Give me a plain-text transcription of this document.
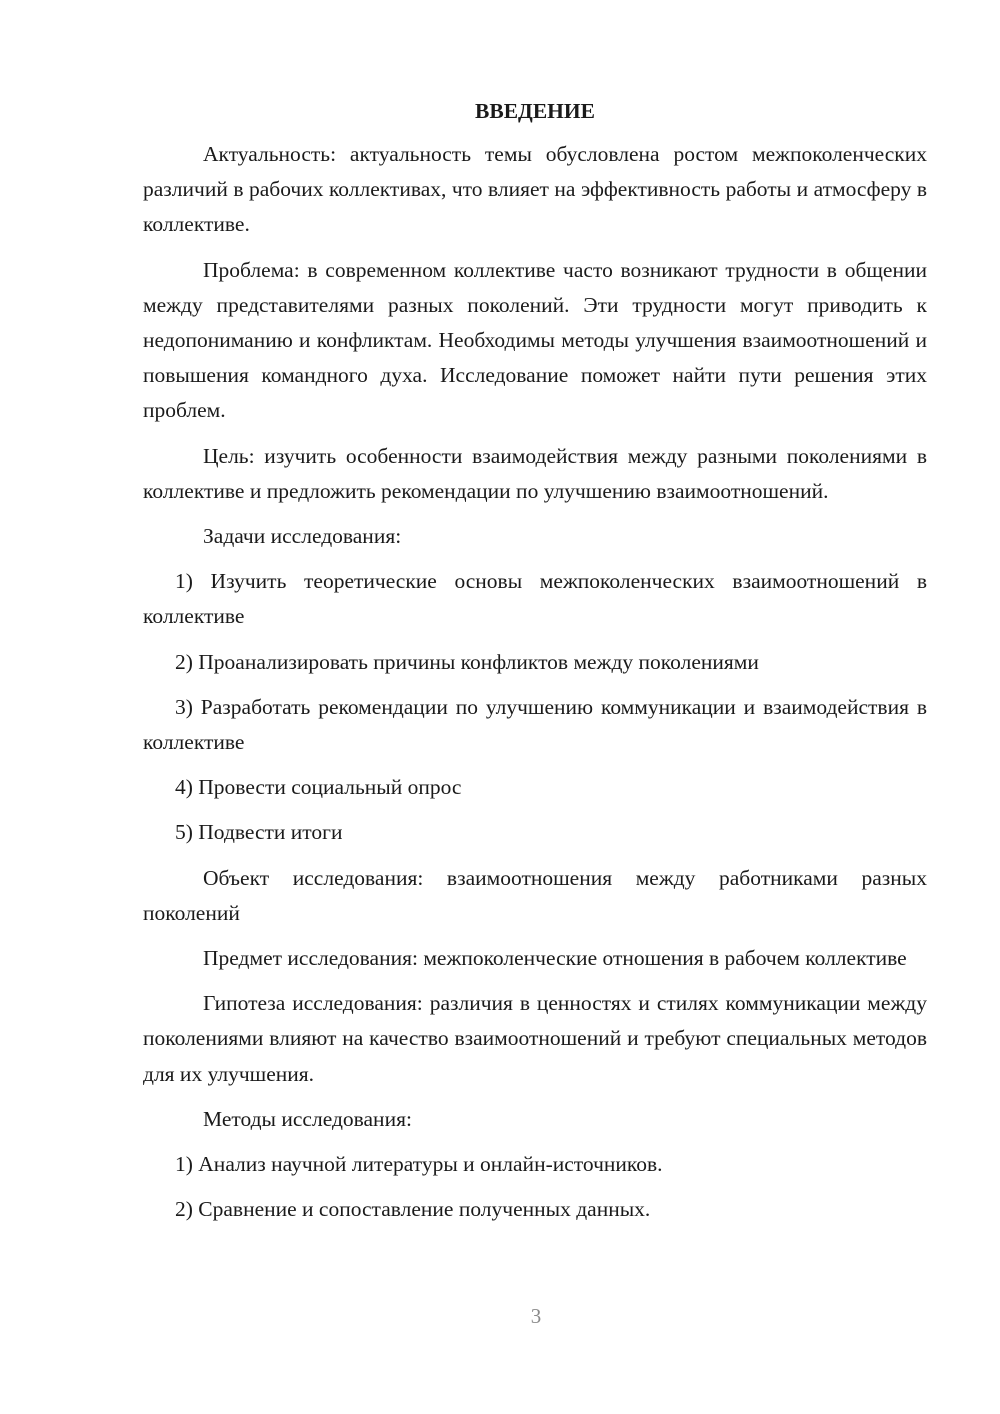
ВВЕДЕНИЕ

Актуальность: актуальность темы обусловлена ростом межпоколенческих различий в рабочих коллективах, что влияет на эффективность работы и атмосферу в коллективе.

Проблема: в современном коллективе часто возникают трудности в общении между представителями разных поколений. Эти трудности могут приводить к недопониманию и конфликтам. Необходимы методы улучшения взаимоотношений и повышения командного духа. Исследование поможет найти пути решения этих проблем.

Цель: изучить особенности взаимодействия между разными поколениями в коллективе и предложить рекомендации по улучшению взаимоотношений.

Задачи исследования:

1) Изучить теоретические основы межпоколенческих взаимоотношений в коллективе

2) Проанализировать причины конфликтов между поколениями

3) Разработать рекомендации по улучшению коммуникации и взаимодействия в коллективе

4) Провести социальный опрос

5) Подвести итоги

Объект исследования: взаимоотношения между работниками разных поколений

Предмет исследования: межпоколенческие отношения в рабочем коллективе

Гипотеза исследования: различия в ценностях и стилях коммуникации между поколениями влияют на качество взаимоотношений и требуют специальных методов для их улучшения.

Методы исследования:

1) Анализ научной литературы и онлайн-источников.

2) Сравнение и сопоставление полученных данных.

3
